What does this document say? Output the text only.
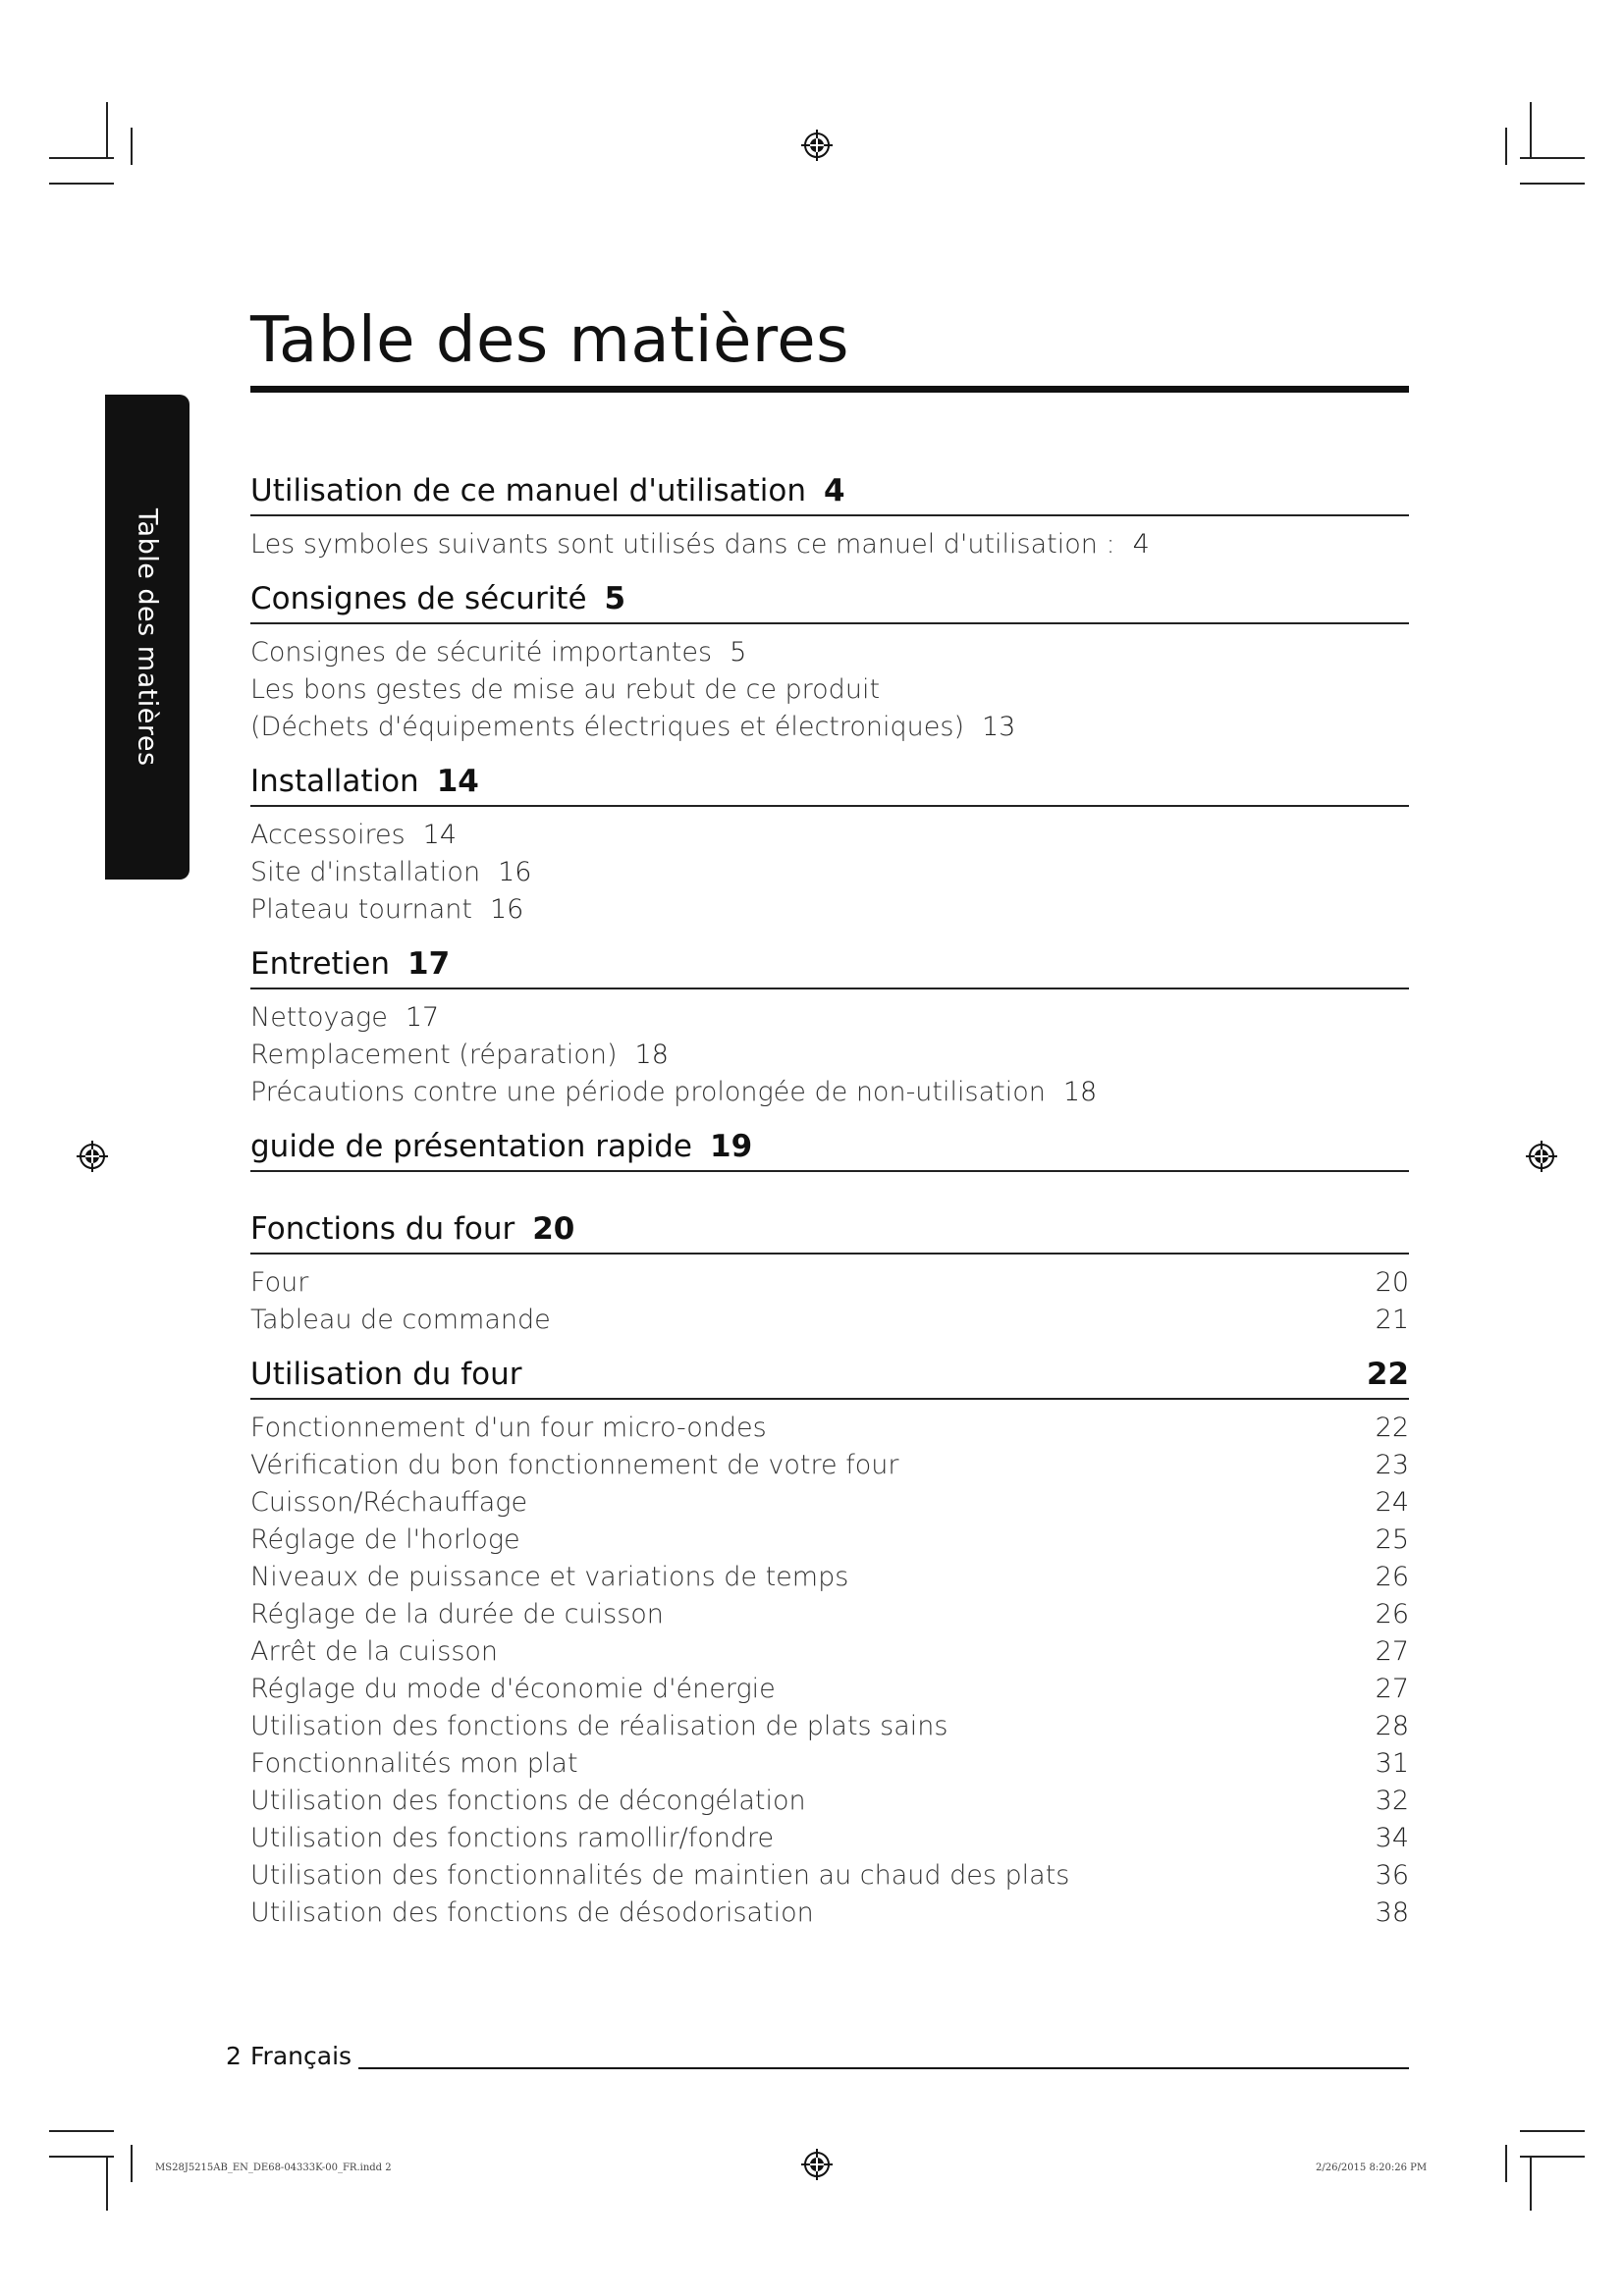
Table des matières
Table des matières
Utilisation de ce manuel d'utilisation 4
Les symboles suivants sont utilisés dans ce manuel d'utilisation : 4
Consignes de sécurité 5
Consignes de sécurité importantes 5
Les bons gestes de mise au rebut de ce produit
(Déchets d'équipements électriques et électroniques) 13
Installation 14
Accessoires 14
Site d'installation 16
Plateau tournant 16
Entretien 17
Nettoyage 17
Remplacement (réparation) 18
Précautions contre une période prolongée de non-utilisation 18
guide de présentation rapide 19
Fonctions du four 20
Four	20
Tableau de commande	21
Utilisation du four	22
Fonctionnement d'un four micro-ondes	22
Vérification du bon fonctionnement de votre four	23
Cuisson/Réchauffage	24
Réglage de l'horloge	25
Niveaux de puissance et variations de temps	26
Réglage de la durée de cuisson	26
Arrêt de la cuisson	27
Réglage du mode d'économie d'énergie	27
Utilisation des fonctions de réalisation de plats sains	28
Fonctionnalités mon plat	31
Utilisation des fonctions de décongélation	32
Utilisation des fonctions ramollir/fondre	34
Utilisation des fonctionnalités de maintien au chaud des plats	36
Utilisation des fonctions de désodorisation	38
2 Français
MS28J5215AB_EN_DE68-04333K-00_FR.indd 2	2/26/2015 8:20:26 PM
